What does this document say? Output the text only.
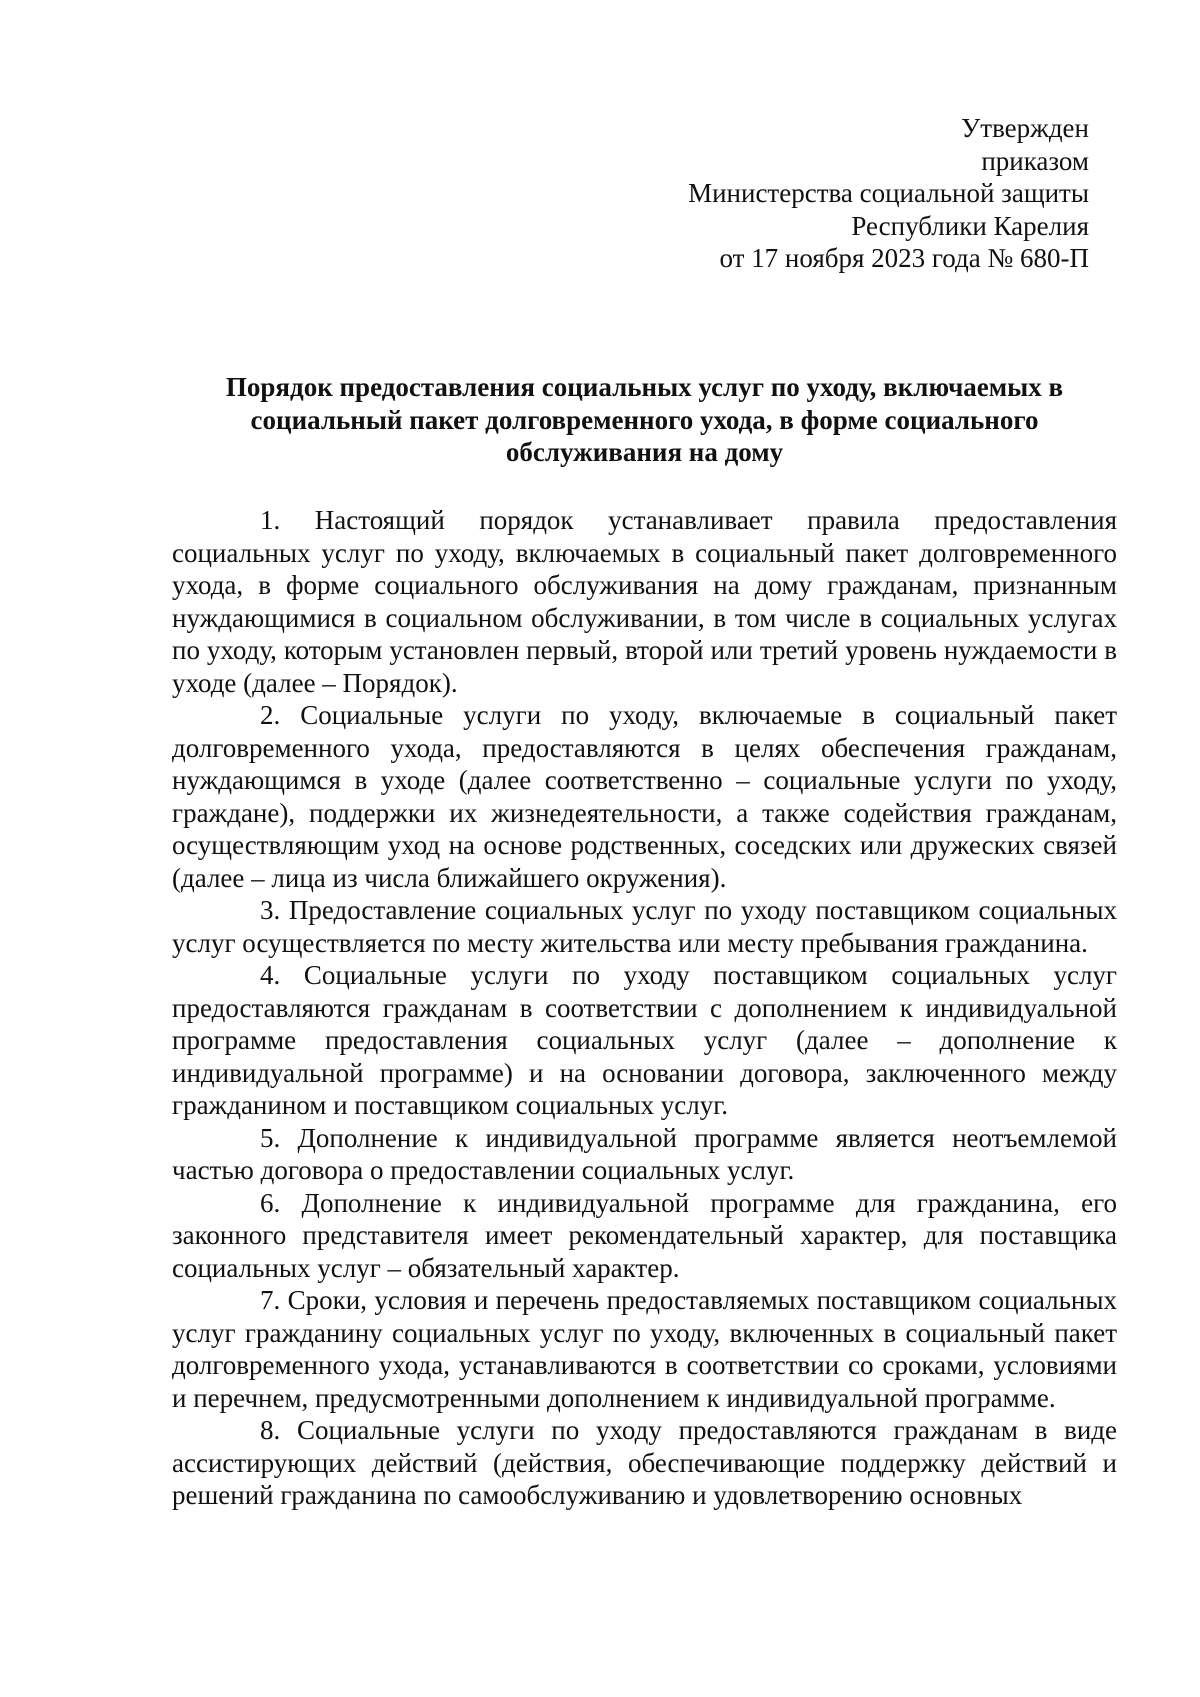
Утвержден
приказом
Министерства социальной защиты
Республики Карелия
от 17 ноября 2023 года № 680-П
Порядок предоставления социальных услуг по уходу, включаемых в
социальный пакет долговременного ухода, в форме социального
обслуживания на дому

1. Настоящий порядок устанавливает правила предоставления социальных услуг по уходу, включаемых в социальный пакет долговременного ухода, в форме социального обслуживания на дому гражданам, признанным нуждающимися в социальном обслуживании, в том числе в социальных услугах по уходу, которым установлен первый, второй или третий уровень нуждаемости в уходе (далее – Порядок).

2. Социальные услуги по уходу, включаемые в социальный пакет долговременного ухода, предоставляются в целях обеспечения гражданам, нуждающимся в уходе (далее соответственно – социальные услуги по уходу, граждане), поддержки их жизнедеятельности, а также содействия гражданам, осуществляющим уход на основе родственных, соседских или дружеских связей (далее – лица из числа ближайшего окружения).

3. Предоставление социальных услуг по уходу поставщиком социальных услуг осуществляется по месту жительства или месту пребывания гражданина.

4. Социальные услуги по уходу поставщиком социальных услуг предоставляются гражданам в соответствии с дополнением к индивидуальной программе предоставления социальных услуг (далее – дополнение к индивидуальной программе) и на основании договора, заключенного между гражданином и поставщиком социальных услуг.

5. Дополнение к индивидуальной программе является неотъемлемой частью договора о предоставлении социальных услуг.

6. Дополнение к индивидуальной программе для гражданина, его законного представителя имеет рекомендательный характер, для поставщика социальных услуг – обязательный характер.

7. Сроки, условия и перечень предоставляемых поставщиком социальных услуг гражданину социальных услуг по уходу, включенных в социальный пакет долговременного ухода, устанавливаются в соответствии со сроками, условиями и перечнем, предусмотренными дополнением к индивидуальной программе.

8. Социальные услуги по уходу предоставляются гражданам в виде ассистирующих действий (действия, обеспечивающие поддержку действий и решений гражданина по самообслуживанию и удовлетворению основных
